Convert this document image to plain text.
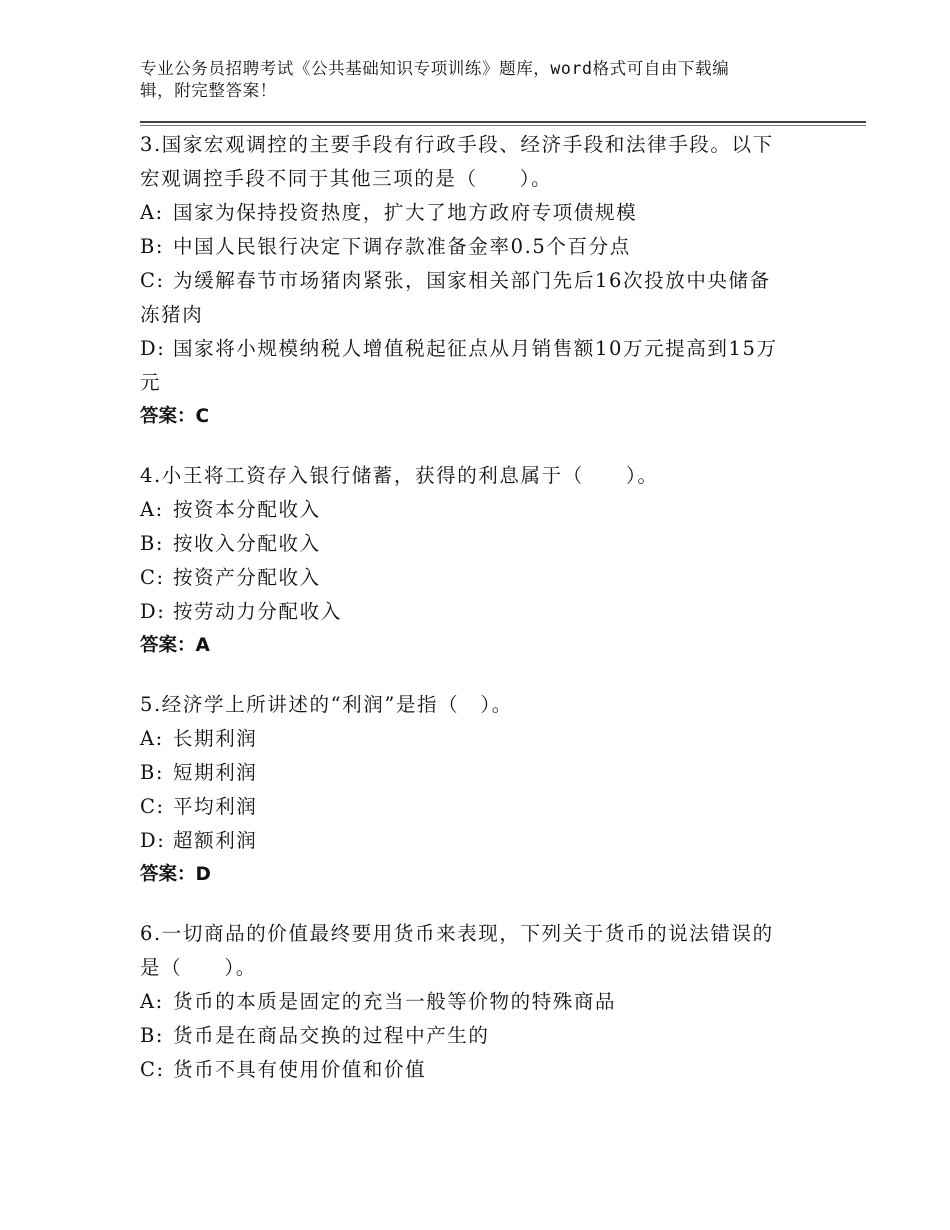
专业公务员招聘考试《公共基础知识专项训练》题库，word格式可自由下载编
辑，附完整答案！
3.国家宏观调控的主要手段有行政手段、经济手段和法律手段。以下
宏观调控手段不同于其他三项的是（　　）。
A: 国家为保持投资热度，扩大了地方政府专项债规模
B: 中国人民银行决定下调存款准备金率0.5个百分点
C: 为缓解春节市场猪肉紧张，国家相关部门先后16次投放中央储备
冻猪肉
D: 国家将小规模纳税人增值税起征点从月销售额10万元提高到15万
元
答案：C
4.小王将工资存入银行储蓄，获得的利息属于（　　）。
A: 按资本分配收入
B: 按收入分配收入
C: 按资产分配收入
D: 按劳动力分配收入
答案：A
5.经济学上所讲述的“利润”是指（　）。
A: 长期利润
B: 短期利润
C: 平均利润
D: 超额利润
答案：D
6.一切商品的价值最终要用货币来表现，下列关于货币的说法错误的
是（　　）。
A: 货币的本质是固定的充当一般等价物的特殊商品
B: 货币是在商品交换的过程中产生的
C: 货币不具有使用价值和价值
